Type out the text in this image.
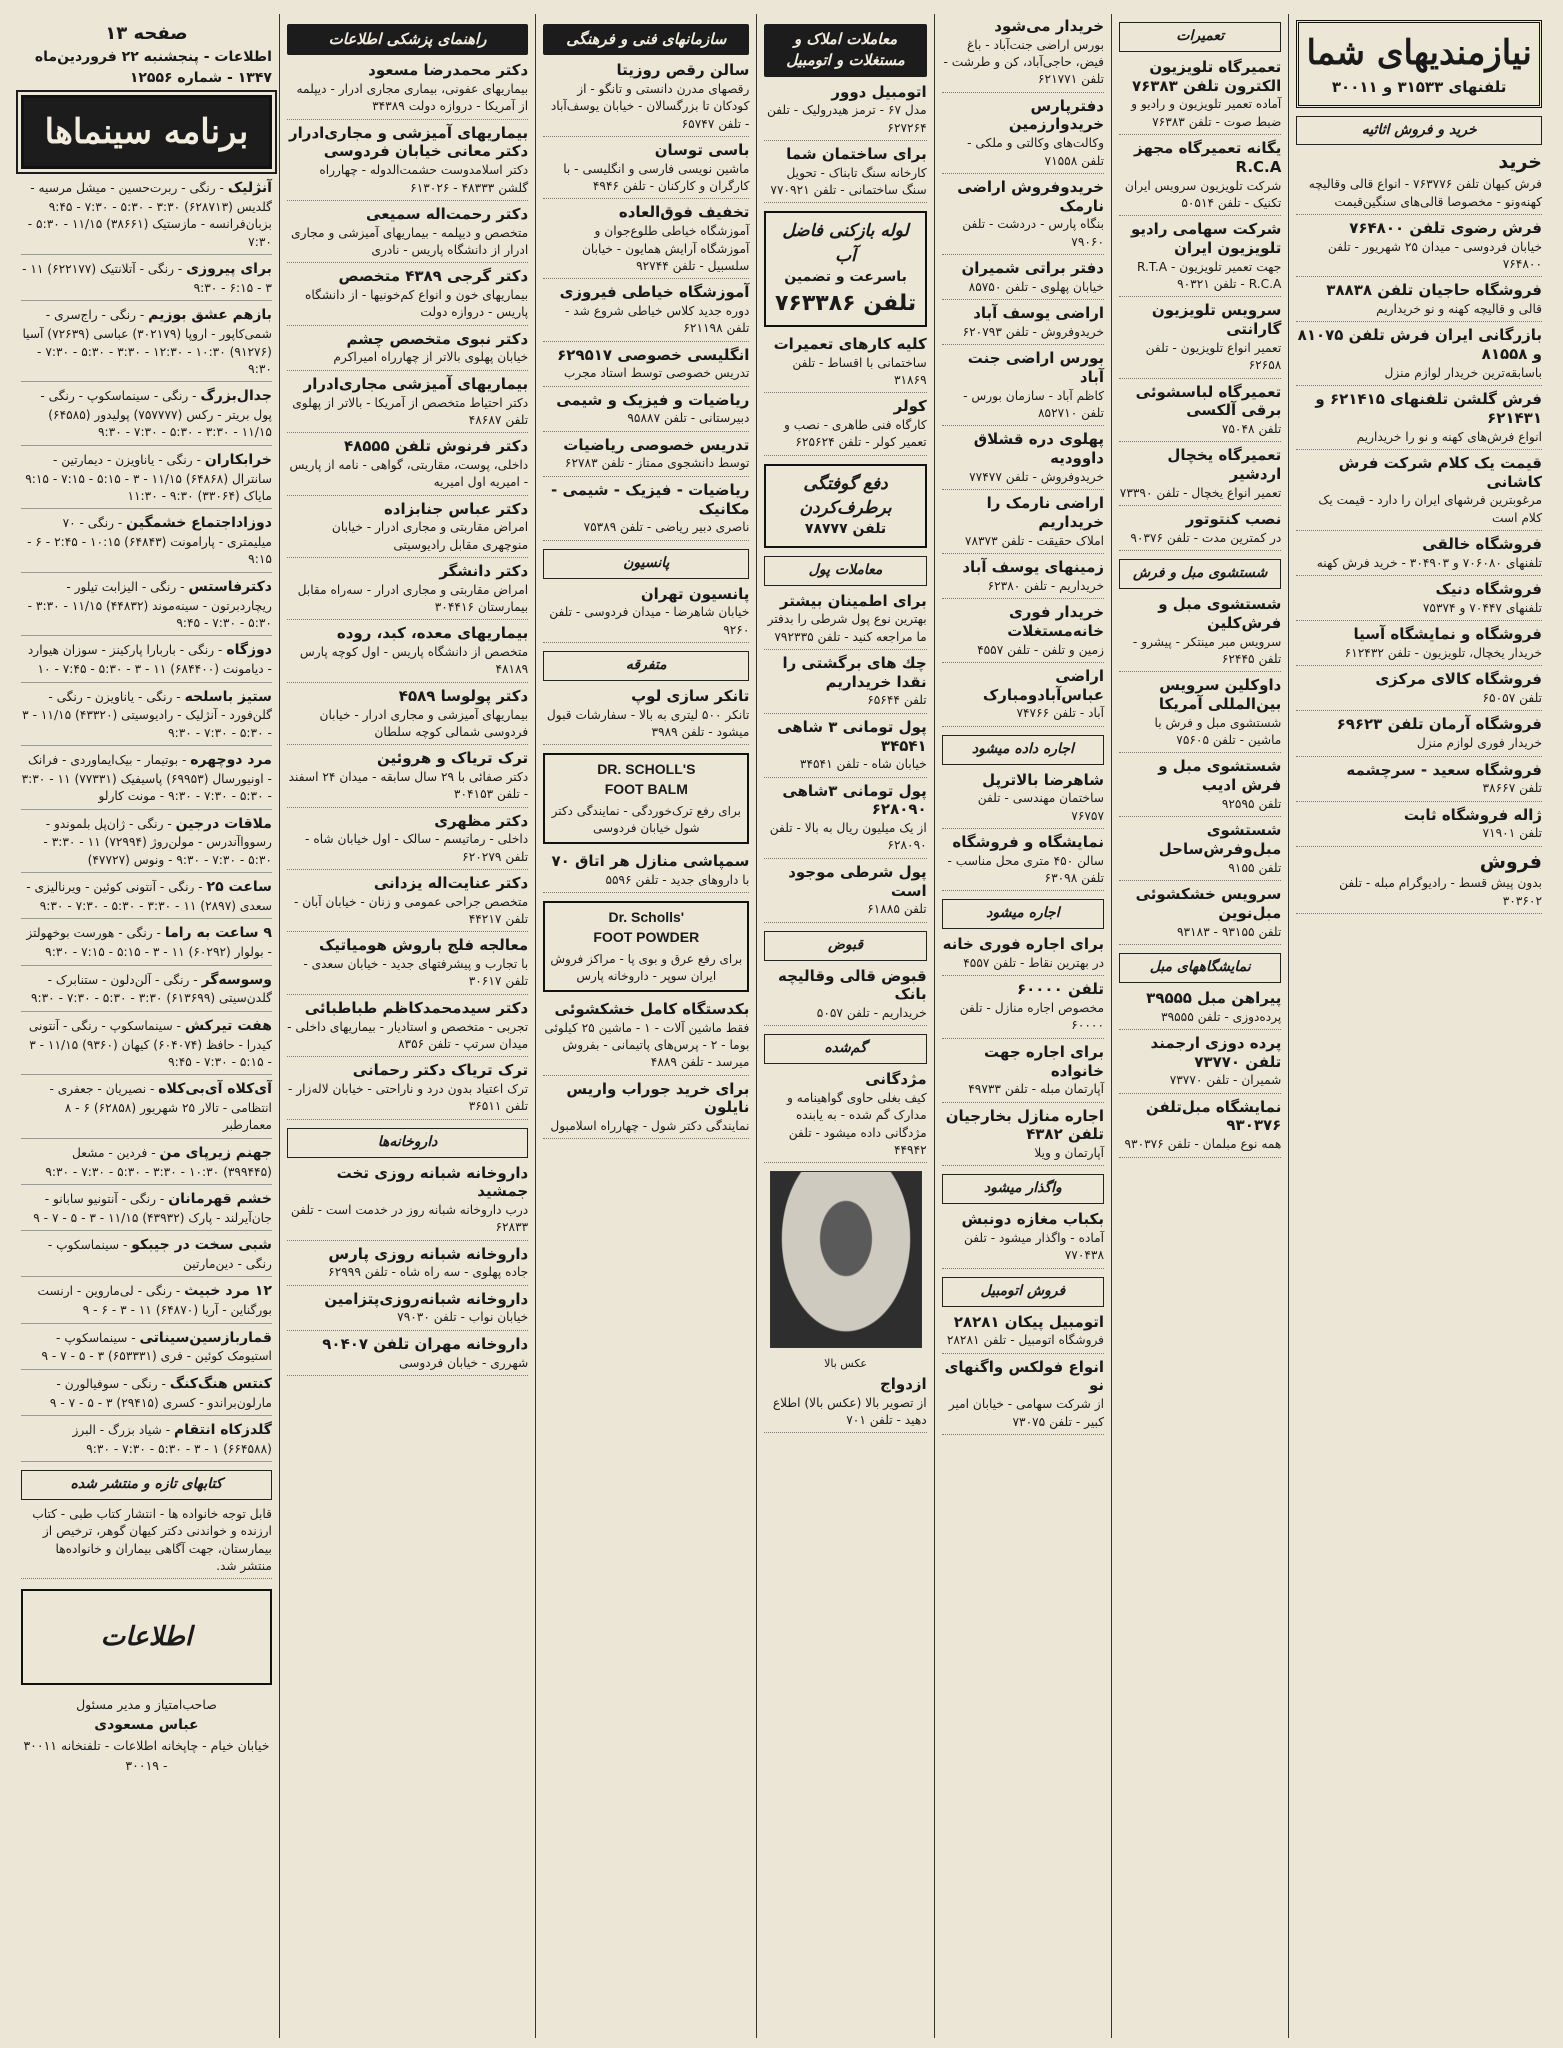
نیازمندیهای شما
تلفنهای ۳۱۵۳۳ و ۳۰۰۱۱
خرید و فروش اثاثیه
خرید

فرش کیهان تلفن ۷۶۳۷۷۶ - انواع قالی وقالیچه کهنه‌ونو - مخصوصا قالی‌های سنگین‌قیمت

فرش رضوی تلفن ۷۶۴۸۰۰

خیابان فردوسی - میدان ۲۵ شهریور - تلفن ۷۶۴۸۰۰

فروشگاه حاجیان تلفن ۳۸۸۳۸

قالی و قالیچه کهنه و نو خریداریم

بازرگانی ایران فرش تلفن ۸۱۰۷۵ و ۸۱۵۵۸

باسابقه‌ترین خریدار لوازم منزل

فرش گلشن تلفنهای ۶۲۱۴۱۵ و ۶۲۱۴۳۱

انواع فرش‌های کهنه و نو را خریداریم

قیمت یک کلام شرکت فرش کاشانی

مرغوبترین فرشهای ایران را دارد - قیمت یک کلام است

فروشگاه خالقی

تلفنهای ۷۰۶۰۸۰ و ۳۰۴۹۰۳ - خرید فرش کهنه

فروشگاه دنیک

تلفنهای ۷۰۴۴۷ و ۷۵۳۷۴

فروشگاه و نمایشگاه آسیا

خریدار یخچال، تلویزیون - تلفن ۶۱۲۴۳۲

فروشگاه کالای مرکزی

تلفن ۶۵۰۵۷

فروشگاه آرمان تلفن ۶۹۶۲۳

خریدار فوری لوازم منزل

فروشگاه سعید - سرچشمه

تلفن ۳۸۶۶۷

ژاله فروشگاه ثابت

تلفن ۷۱۹۰۱

فروش

بدون پیش قسط - رادیوگرام مبله - تلفن ۳۰۳۶۰۲

تعمیرات
تعمیرگاه تلویزیون الکترون تلفن ۷۶۳۸۳

آماده تعمیر تلویزیون و رادیو و ضبط صوت - تلفن ۷۶۳۸۳

یگانه تعمیرگاه مجهز R.C.A

شرکت تلویزیون سرویس ایران تکنیک - تلفن ۵۰۵۱۴

شرکت سهامی رادیو تلویزیون ایران

جهت تعمیر تلویزیون R.T.A - R.C.A - تلفن ۹۰۳۲۱

سرویس تلویزیون گارانتی

تعمیر انواع تلویزیون - تلفن ۶۲۶۵۸

تعمیرگاه لباسشوئی برقی آلکسی

تلفن ۷۵۰۴۸

تعمیرگاه یخچال اردشیر

تعمیر انواع یخچال - تلفن ۷۳۳۹۰

نصب کنتوتور

در کمترین مدت - تلفن ۹۰۳۷۶

شستشوی مبل و فرش
شستشوی مبل و فرش‌کلین

سرویس مبر مینتکر - پیشرو - تلفن ۶۲۴۴۵

داوکلین سرویس بین‌المللی آمریکا

شستشوی مبل و فرش با ماشین - تلفن ۷۵۶۰۵

شستشوی مبل و فرش ادیب

تلفن ۹۲۵۹۵

شستشوی مبل‌وفرش‌ساحل

تلفن ۹۱۵۵

سرویس خشکشوئی مبل‌نوین

تلفن ۹۳۱۵۵ - ۹۳۱۸۳

نمایشگاههای مبل
پیراهن مبل ۳۹۵۵۵

پرده‌دوزی - تلفن ۳۹۵۵۵

پرده دوزی ارجمند تلفن ۷۳۷۷۰

شمیران - تلفن ۷۳۷۷۰

نمایشگاه مبل‌تلفن ۹۳۰۳۷۶

همه نوع مبلمان - تلفن ۹۳۰۳۷۶

خریدار می‌شود

بورس اراضی جنت‌آباد - باغ فیض، حاجی‌آباد، کن و طرشت - تلفن ۶۲۱۷۷۱

دفترپارس خریدوارزمین

وکالت‌های وکالتی و ملکی - تلفن ۷۱۵۵۸

خریدوفروش اراضی نارمک

بنگاه پارس - دردشت - تلفن ۷۹۰۶۰

دفتر براتی شمیران

خیابان پهلوی - تلفن ۸۵۷۵۰

اراضی یوسف آباد

خریدوفروش - تلفن ۶۲۰۷۹۳

بورس اراضی جنت آباد

کاظم آباد - سازمان بورس - تلفن ۸۵۲۷۱۰

پهلوی دره قشلاق داوودیه

خریدوفروش - تلفن ۷۷۴۷۷

اراضی نارمک را خریداریم

املاک حقیقت - تلفن ۷۸۳۷۳

زمینهای یوسف آباد

خریداریم - تلفن ۶۲۳۸۰

خریدار فوری خانه‌مستغلات

زمین و تلفن - تلفن ۴۵۵۷

اراضی عباس‌آبادومبارک

آباد - تلفن ۷۴۷۶۶

اجاره داده میشود
شاهرضا بالاترپل

ساختمان مهندسی - تلفن ۷۶۷۵۷

نمایشگاه و فروشگاه

سالن ۴۵۰ متری محل مناسب - تلفن ۶۳۰۹۸

اجاره میشود
برای اجاره فوری خانه

در بهترین نقاط - تلفن ۴۵۵۷

تلفن ۶۰۰۰۰

مخصوص اجاره منازل - تلفن ۶۰۰۰۰

برای اجاره جهت خانواده

آپارتمان مبله - تلفن ۴۹۷۳۳

اجاره منازل بخارجیان تلفن ۴۳۸۲

آپارتمان و ویلا

واگذار میشود
بکباب مغازه دونبش

آماده - واگذار میشود - تلفن ۷۷۰۴۳۸

فروش اتومبیل
اتومبیل پیکان ۲۸۲۸۱

فروشگاه اتومبیل - تلفن ۲۸۲۸۱

انواع فولکس واگنهای نو

از شرکت سهامی - خیابان امیر کبیر - تلفن ۷۳۰۷۵

معاملات املاک و مستغلات و اتومبیل
اتومبیل دوور

مدل ۶۷ - ترمز هیدرولیک - تلفن ۶۲۷۲۶۴

برای ساختمان شما

کارخانه سنگ تابناک - تحویل سنگ ساختمانی - تلفن ۷۷۰۹۲۱

لوله بازکنی فاضل آب
باسرعت و تضمین
تلفن ۷۶۳۳۸۶
کلیه کارهای تعمیرات

ساختمانی با اقساط - تلفن ۳۱۸۶۹

کولر

کارگاه فنی طاهری - نصب و تعمیر کولر - تلفن ۶۲۵۶۲۴

دفع گوفتگی برطرف‌کردن
تلفن ۷۸۷۷۷
معاملات پول
برای اطمینان بیشتر

بهترین نوع پول شرطی را بدفتر ما مراجعه کنید - تلفن ۷۹۲۳۳۵

چك های برگشتی را نقدا خریداریم

تلفن ۶۵۶۴۴

پول تومانی ۳ شاهی ۳۴۵۴۱

خیابان شاه - تلفن ۳۴۵۴۱

پول تومانی ۳شاهی ۶۲۸۰۹۰

از یک میلیون ریال به بالا - تلفن ۶۲۸۰۹۰

پول شرطی موجود است

تلفن ۶۱۸۸۵

قبوض
قبوض قالی وقالیچه بانک

خریداریم - تلفن ۵۰۵۷

گم‌شده
مژدگانی

کیف بغلی حاوی گواهینامه و مدارک گم شده - به یابنده مژدگانی داده میشود - تلفن ۴۴۹۴۲

عکس بالا
ازدواج

از تصویر بالا (عکس بالا) اطلاع دهید - تلفن ۷۰۱

سازمانهای فنی و فرهنگی
سالن رقص روزیتا

رقصهای مدرن دانستی و تانگو - از کودکان تا بزرگسالان - خیابان یوسف‌آباد - تلفن ۶۵۷۴۷

باسی توسان

ماشین نویسی فارسی و انگلیسی - با کارگران و کارکنان - تلفن ۴۹۴۶

تخفیف فوق‌العاده

آموزشگاه خیاطی طلوع‌جوان و آموزشگاه آرایش همایون - خیابان سلسبیل - تلفن ۹۲۷۴۴

آموزشگاه خیاطی فیروزی

دوره جدید کلاس خیاطی شروع شد - تلفن ۶۲۱۱۹۸

انگلیسی خصوصی ۶۲۹۵۱۷

تدریس خصوصی توسط استاد مجرب

ریاضیات و فیزیک و شیمی

دبیرستانی - تلفن ۹۵۸۸۷

تدریس خصوصی ریاضیات

توسط دانشجوی ممتاز - تلفن ۶۲۷۸۳

ریاضیات - فیزیک - شیمی - مکانیک

ناصری دبیر ریاضی - تلفن ۷۵۳۸۹

پانسیون
پانسیون تهران

خیابان شاهرضا - میدان فردوسی - تلفن ۹۲۶۰

متفرقه
تانکر سازی لوپ

تانکر ۵۰۰ لیتری به بالا - سفارشات قبول میشود - تلفن ۳۹۸۹

DR. SCHOLL'S
FOOT BALM
برای رفع ترک‌خوردگی - نمایندگی دکتر شول خیابان فردوسی
سمپاشی منازل هر اتاق ۷۰

با داروهای جدید - تلفن ۵۵۹۶

Dr. Scholls'
FOOT POWDER
برای رفع عرق و بوی پا - مراکز فروش ایران سوپر - داروخانه پارس
بکدستگاه کامل خشکشوئی

فقط ماشین آلات - ۱ - ماشین ۲۵ کیلوئی بوما - ۲ - پرس‌های پاتیمانی - بفروش میرسد - تلفن ۴۸۸۹

برای خرید جوراب واریس نایلون

نمایندگی دکتر شول - چهارراه اسلامبول

راهنمای پزشکی اطلاعات
دکتر محمدرضا مسعود

بیماریهای عفونی، بیماری مجاری ادرار - دیپلمه از آمریکا - دروازه دولت ۳۴۳۸۹

بیماریهای آمیزشی و مجاری‌ادرار دکتر معانی خیابان فردوسی

دکتر اسلامدوست حشمت‌الدوله - چهارراه گلشن ۴۸۳۳۳ - ۶۱۳۰۲۶

دکتر رحمت‌اله سمیعی

متخصص و دیپلمه - بیماریهای آمیزشی و مجاری ادرار از دانشگاه پاریس - نادری

دکتر گرجی ۴۳۸۹ متخصص

بیماریهای خون و انواع کم‌خونیها - از دانشگاه پاریس - دروازه دولت

دکتر نبوی متخصص چشم

خیابان پهلوی بالاتر از چهارراه امیراکرم

بیماریهای آمیزشی مجاری‌ادرار

دکتر احتیاط متخصص از آمریکا - بالاتر از پهلوی تلفن ۴۸۶۸۷

دکتر فرنوش تلفن ۴۸۵۵۵

داخلی، پوست، مقاربتی، گواهی - نامه از پاریس - امیریه اول امیریه

دکتر عباس جنابزاده

امراض مقاربتی و مجاری ادرار - خیابان منوچهری مقابل رادیوسیتی

دکتر دانشگر

امراض مقاربتی و مجاری ادرار - سه‌راه مقابل بیمارستان ۳۰۴۴۱۶

بیماریهای معده، کبد، روده

متخصص از دانشگاه پاریس - اول کوچه پارس ۴۸۱۸۹

دکتر پولوسا ۴۵۸۹

بیماریهای آمیزشی و مجاری ادرار - خیابان فردوسی شمالی کوچه سلطان

ترک تریاک و هروئین

دکتر صفائی با ۲۹ سال سابقه - میدان ۲۴ اسفند - تلفن ۳۰۴۱۵۳

دکتر مظهری

داخلی - رماتیسم - سالک - اول خیابان شاه - تلفن ۶۲۰۲۷۹

دکتر عنایت‌اله یزدانی

متخصص جراحی عمومی و زنان - خیابان آبان - تلفن ۴۴۲۱۷

معالجه فلج باروش هومیاتیک

با تجارب و پیشرفتهای جدید - خیابان سعدی - تلفن ۳۰۶۱۷

دکتر سیدمحمدکاظم طباطبائی

تجربی - متخصص و استادیار - بیماریهای داخلی - میدان سرتپ - تلفن ۸۳۵۶

ترک تریاک دکتر رحمانی

ترک اعتیاد بدون درد و ناراحتی - خیابان لاله‌زار - تلفن ۳۶۵۱۱

داروخانه‌ها
داروخانه شبانه روزی تخت جمشید

درب داروخانه شبانه روز در خدمت است - تلفن ۶۲۸۳۳

داروخانه شبانه روزی پارس

جاده پهلوی - سه راه شاه - تلفن ۶۲۹۹۹

داروخانه شبانه‌روزی‌پتزامین

خیابان نواب - تلفن ۷۹۰۳۰

داروخانه مهران تلفن ۹۰۴۰۷

شهرری - خیابان فردوسی

صفحه ۱۳
اطلاعات - پنجشنبه ۲۲ فروردین‌ماه ۱۳۴۷ - شماره ۱۲۵۵۶
برنامه سینماها
آنژلیک - رنگی - ربرت‌حسین - میشل مرسیه - گلدیس (۶۲۸۷۱۳) ۳:۳۰ - ۵:۳۰ - ۷:۳۰ - ۹:۴۵ بزبان‌فرانسه - مازستیک (۳۸۶۶۱) ۱۱/۱۵ - ۵:۳۰ - ۷:۳۰
برای پیروزی - رنگی - آتلانتیک (۶۲۲۱۷۷) ۱۱ - ۳ - ۶:۱۵ - ۹:۳۰
بازهم عشق بوزیم - رنگی - راج‌سری - شمی‌کاپور - اروپا (۳۰۲۱۷۹) عباسی (۷۲۶۳۹) آسیا (۹۱۲۷۶) ۱۰:۳۰ - ۱۲:۳۰ - ۳:۳۰ - ۵:۳۰ - ۷:۳۰ - ۹:۳۰
جدال‌بزرگ - رنگی - سینماسکوپ - رنگی - پول بریتر - رکس (۷۵۷۷۷۷) پولیدور (۶۴۵۸۵) ۱۱/۱۵ - ۳:۳۰ - ۵:۳۰ - ۷:۳۰ - ۹:۳۰
خرابکاران - رنگی - یاناویزن - دیمارتین - سانترال (۶۴۸۶۸) ۱۱/۱۵ - ۳ - ۵:۱۵ - ۷:۱۵ - ۹:۱۵ مایاک (۳۳۰۶۴) ۹:۳۰ - ۱۱:۳۰
دوزاداجتماع خشمگین - رنگی - ۷۰ میلیمتری - پارامونت (۶۴۸۴۳) ۱۰:۱۵ - ۲:۴۵ - ۶ - ۹:۱۵
دکترفاستس - رنگی - الیزابت تیلور - ریچاردبرتون - سینه‌موند (۴۴۸۳۲) ۱۱/۱۵ - ۳:۳۰ - ۵:۳۰ - ۷:۳۰ - ۹:۴۵
دوزگاه - رنگی - باربارا پارکینز - سوزان هیوارد - دیامونت (۶۸۴۴۰۰) ۱۱ - ۳ - ۵:۳۰ - ۷:۴۵ - ۱۰
ستیز باسلحه - رنگی - یاناویزن - رنگی - گلن‌فورد - آنژلیک - رادیوسیتی (۴۳۳۲۰) ۱۱/۱۵ - ۳ - ۵:۳۰ - ۷:۳۰ - ۹:۳۰
مرد دوچهره - بوتیمار - بیک‌ایماوردی - فرانک - اونیورسال (۶۹۹۵۳) پاسیفیک (۷۷۳۳۱) ۱۱ - ۳:۳۰ - ۵:۳۰ - ۷:۳۰ - ۹:۳۰ - مونت کارلو
ملاقات درجین - رنگی - ژان‌پل بلموندو - رسوواآندرس - مولن‌روژ (۷۲۹۹۴) ۱۱ - ۳:۳۰ - ۵:۳۰ - ۷:۳۰ - ۹:۳۰ - ونوس (۴۷۷۲۷)
ساعت ۲۵ - رنگی - آنتونی کوئین - ویرنالیزی - سعدی (۲۸۹۷) ۱۱ - ۳:۳۰ - ۵:۳۰ - ۷:۳۰ - ۹:۳۰
۹ ساعت به راما - رنگی - هورست بوخهولتز - بولوار (۶۰۲۹۲) ۱۱ - ۳ - ۵:۱۵ - ۷:۱۵ - ۹:۳۰
وسوسه‌گر - رنگی - آلن‌دلون - ستنابرک - گلدن‌سیتی (۶۱۳۶۹۹) ۳:۳۰ - ۵:۳۰ - ۷:۳۰ - ۹:۳۰
هفت تیرکش - سینماسکوپ - رنگی - آنتونی کیدرا - حافظ (۶۰۴۰۷۴) کیهان (۹۳۶۰) ۱۱/۱۵ - ۳ - ۵:۱۵ - ۷:۳۰ - ۹:۴۵
آی‌کلاه آی‌بی‌کلاه - نصیریان - جعفری - انتظامی - تالار ۲۵ شهریور (۶۲۸۵۸) ۶ - ۸ معمارطبر
جهنم زیرپای من - فردین - مشعل (۳۹۹۴۴۵) ۱۰:۳۰ - ۳:۳۰ - ۵:۳۰ - ۷:۳۰ - ۹:۳۰
خشم قهرمانان - رنگی - آنتونیو سابانو - جان‌آیرلند - پارک (۴۳۹۳۲) ۱۱/۱۵ - ۳ - ۵ - ۷ - ۹
شبی سخت در جیبکو - سینماسکوپ - رنگی - دین‌مارتین
۱۲ مرد خبیث - رنگی - لی‌ماروین - ارنست بورگناین - آریا (۶۴۸۷۰) ۱۱ - ۳ - ۶ - ۹
قماربازسین‌سیناتی - سینماسکوپ - استیومک کوئین - فری (۶۵۳۳۳۱) ۳ - ۵ - ۷ - ۹
کنتس هنگ‌کنگ - رنگی - سوفیالورن - مارلون‌براندو - کسری (۲۹۴۱۵) ۳ - ۵ - ۷ - ۹
گلدزکاه انتقام - شیاد بزرگ - البرز (۶۶۴۵۸۸) ۱ - ۳ - ۵:۳۰ - ۷:۳۰ - ۹:۳۰
کتابهای تازه و منتشر شده

قابل توجه خانواده ها - انتشار کتاب طبی - کتاب ارزنده و خواندنی دکتر کیهان گوهر، ترخیص از بیمارستان، جهت آگاهی بیماران و خانواده‌ها منتشر شد.

اطلاعات
صاحب‌امتیاز و مدیر مسئول
عباس مسعودی
خیابان خیام - چاپخانه اطلاعات - تلفنخانه ۳۰۰۱۱ - ۳۰۰۱۹
